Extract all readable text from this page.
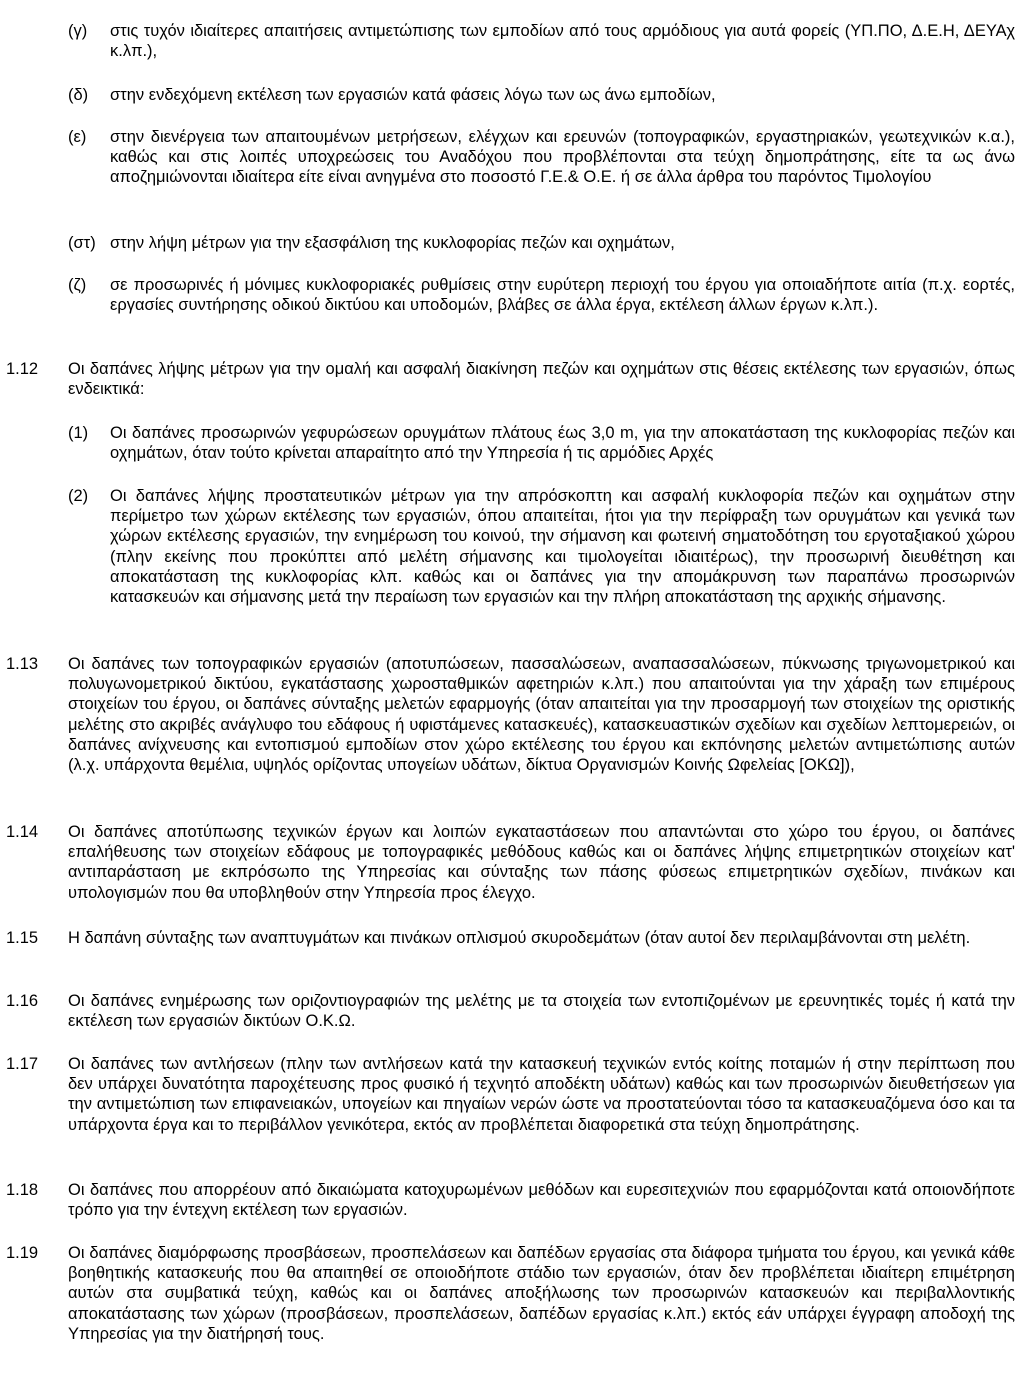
(γ) στις τυχόν ιδιαίτερες απαιτήσεις αντιμετώπισης των εμποδίων από τους αρμόδιους για αυτά φορείς (ΥΠ.ΠΟ, Δ.Ε.Η, ΔΕΥΑχ κ.λπ.),
(δ) στην ενδεχόμενη εκτέλεση των εργασιών κατά φάσεις λόγω των ως άνω εμποδίων,
(ε) στην διενέργεια των απαιτουμένων μετρήσεων, ελέγχων και ερευνών (τοπογραφικών, εργαστηριακών, γεωτεχνικών κ.α.), καθώς και στις λοιπές υποχρεώσεις του Αναδόχου που προβλέπονται στα τεύχη δημοπράτησης, είτε τα ως άνω αποζημιώνονται ιδιαίτερα είτε είναι ανηγμένα στο ποσοστό Γ.Ε.& Ο.Ε. ή σε άλλα άρθρα του παρόντος Τιμολογίου
(στ) στην λήψη μέτρων για την εξασφάλιση της κυκλοφορίας πεζών και οχημάτων,
(ζ) σε προσωρινές ή μόνιμες κυκλοφοριακές ρυθμίσεις στην ευρύτερη περιοχή του έργου για οποιαδήποτε αιτία (π.χ. εορτές, εργασίες συντήρησης οδικού δικτύου και υποδομών, βλάβες σε άλλα έργα, εκτέλεση άλλων έργων κ.λπ.).
1.12 Οι δαπάνες λήψης μέτρων για την ομαλή και ασφαλή διακίνηση πεζών και οχημάτων στις θέσεις εκτέλεσης των εργασιών, όπως ενδεικτικά:
(1) Οι δαπάνες προσωρινών γεφυρώσεων ορυγμάτων πλάτους έως 3,0 m, για την αποκατάσταση της κυκλοφορίας πεζών και οχημάτων, όταν τούτο κρίνεται απαραίτητο από την Υπηρεσία ή τις αρμόδιες Αρχές
(2) Οι δαπάνες λήψης προστατευτικών μέτρων για την απρόσκοπτη και ασφαλή κυκλοφορία πεζών και οχημάτων στην περίμετρο των χώρων εκτέλεσης των εργασιών, όπου απαιτείται, ήτοι για την περίφραξη των ορυγμάτων και γενικά των χώρων εκτέλεσης εργασιών, την ενημέρωση του κοινού, την σήμανση και φωτεινή σηματοδότηση του εργοταξιακού χώρου (πλην εκείνης που προκύπτει από μελέτη σήμανσης και τιμολογείται ιδιαιτέρως), την προσωρινή διευθέτηση και αποκατάσταση της κυκλοφορίας κλπ. καθώς και οι δαπάνες για την απομάκρυνση των παραπάνω προσωρινών κατασκευών και σήμανσης μετά την περαίωση των εργασιών και την πλήρη αποκατάσταση της αρχικής σήμανσης.
1.13 Οι δαπάνες των τοπογραφικών εργασιών (αποτυπώσεων, πασσαλώσεων, αναπασσαλώσεων, πύκνωσης τριγωνομετρικού και πολυγωνομετρικού δικτύου, εγκατάστασης χωροσταθμικών αφετηριών κ.λπ.) που απαιτούνται για την χάραξη των επιμέρους στοιχείων του έργου, οι δαπάνες σύνταξης μελετών εφαρμογής (όταν απαιτείται για την προσαρμογή των στοιχείων της οριστικής μελέτης στο ακριβές ανάγλυφο του εδάφους ή υφιστάμενες κατασκευές), κατασκευαστικών σχεδίων και σχεδίων λεπτομερειών, οι δαπάνες ανίχνευσης και εντοπισμού εμποδίων στον χώρο εκτέλεσης του έργου και εκπόνησης μελετών αντιμετώπισης αυτών (λ.χ. υπάρχοντα θεμέλια, υψηλός ορίζοντας υπογείων υδάτων, δίκτυα Οργανισμών Κοινής Ωφελείας [ΟΚΩ]),
1.14 Οι δαπάνες αποτύπωσης τεχνικών έργων και λοιπών εγκαταστάσεων που απαντώνται στο χώρο του έργου, οι δαπάνες επαλήθευσης των στοιχείων εδάφους με τοπογραφικές μεθόδους καθώς και οι δαπάνες λήψης επιμετρητικών στοιχείων κατ' αντιπαράσταση με εκπρόσωπο της Υπηρεσίας και σύνταξης των πάσης φύσεως επιμετρητικών σχεδίων, πινάκων και υπολογισμών που θα υποβληθούν στην Υπηρεσία προς έλεγχο.
1.15 Η δαπάνη σύνταξης των αναπτυγμάτων και πινάκων οπλισμού σκυροδεμάτων (όταν αυτοί δεν περιλαμβάνονται στη μελέτη.
1.16 Οι δαπάνες ενημέρωσης των οριζοντιογραφιών της μελέτης με τα στοιχεία των εντοπιζομένων με ερευνητικές τομές ή κατά την εκτέλεση των εργασιών δικτύων Ο.Κ.Ω.
1.17 Οι δαπάνες των αντλήσεων (πλην των αντλήσεων κατά την κατασκευή τεχνικών εντός κοίτης ποταμών ή στην περίπτωση που δεν υπάρχει δυνατότητα παροχέτευσης προς φυσικό ή τεχνητό αποδέκτη υδάτων) καθώς και των προσωρινών διευθετήσεων για την αντιμετώπιση των επιφανειακών, υπογείων και πηγαίων νερών ώστε να προστατεύονται τόσο τα κατασκευαζόμενα όσο και τα υπάρχοντα έργα και το περιβάλλον γενικότερα, εκτός αν προβλέπεται διαφορετικά στα τεύχη δημοπράτησης.
1.18 Οι δαπάνες που απορρέουν από δικαιώματα κατοχυρωμένων μεθόδων και ευρεσιτεχνιών που εφαρμόζονται κατά οποιονδήποτε τρόπο για την έντεχνη εκτέλεση των εργασιών.
1.19 Οι δαπάνες διαμόρφωσης προσβάσεων, προσπελάσεων και δαπέδων εργασίας στα διάφορα τμήματα του έργου, και γενικά κάθε βοηθητικής κατασκευής που θα απαιτηθεί σε οποιοδήποτε στάδιο των εργασιών, όταν δεν προβλέπεται ιδιαίτερη επιμέτρηση αυτών στα συμβατικά τεύχη, καθώς και οι δαπάνες αποξήλωσης των προσωρινών κατασκευών και περιβαλλοντικής αποκατάστασης των χώρων (προσβάσεων, προσπελάσεων, δαπέδων εργασίας κ.λπ.) εκτός εάν υπάρχει έγγραφη αποδοχή της Υπηρεσίας για την διατήρησή τους.
